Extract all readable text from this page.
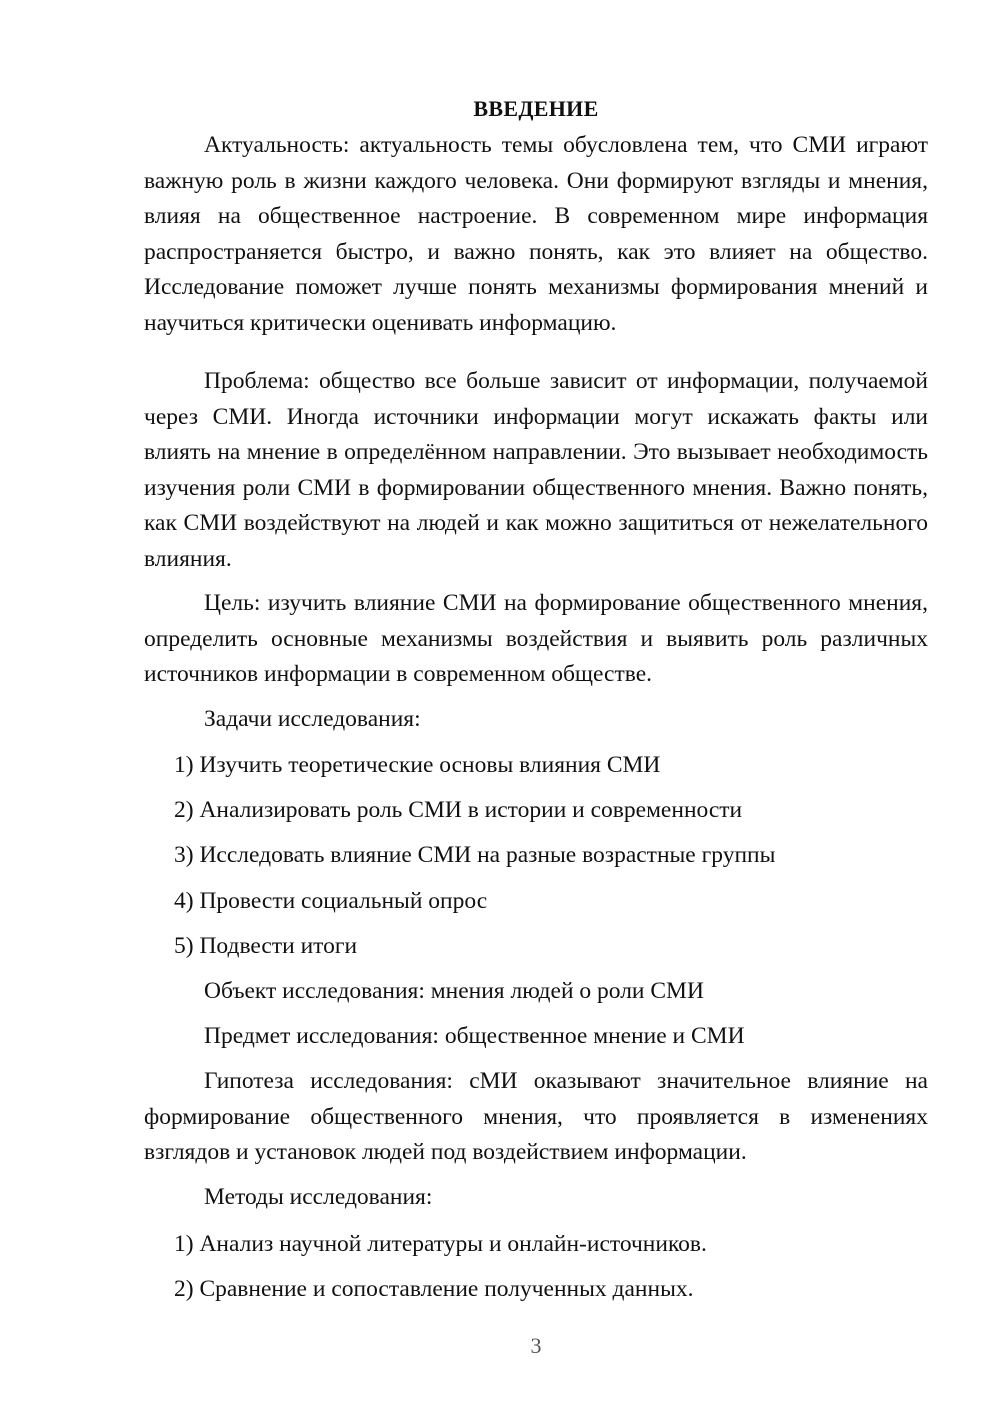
ВВЕДЕНИЕ

Актуальность: актуальность темы обусловлена тем, что СМИ играют важную роль в жизни каждого человека. Они формируют взгляды и мнения, влияя на общественное настроение. В современном мире информация распространяется быстро, и важно понять, как это влияет на общество. Исследование поможет лучше понять механизмы формирования мнений и научиться критически оценивать информацию.

Проблема: общество все больше зависит от информации, получаемой через СМИ. Иногда источники информации могут искажать факты или влиять на мнение в определённом направлении. Это вызывает необходимость изучения роли СМИ в формировании общественного мнения. Важно понять, как СМИ воздействуют на людей и как можно защититься от нежелательного влияния.

Цель: изучить влияние СМИ на формирование общественного мнения, определить основные механизмы воздействия и выявить роль различных источников информации в современном обществе.

Задачи исследования:
1) Изучить теоретические основы влияния СМИ
2) Анализировать роль СМИ в истории и современности
3) Исследовать влияние СМИ на разные возрастные группы
4) Провести социальный опрос
5) Подвести итоги
Объект исследования: мнения людей о роли СМИ
Предмет исследования: общественное мнение и СМИ

Гипотеза исследования: сМИ оказывают значительное влияние на формирование общественного мнения, что проявляется в изменениях взглядов и установок людей под воздействием информации.

Методы исследования:
1) Анализ научной литературы и онлайн-источников.
2) Сравнение и сопоставление полученных данных.
3
